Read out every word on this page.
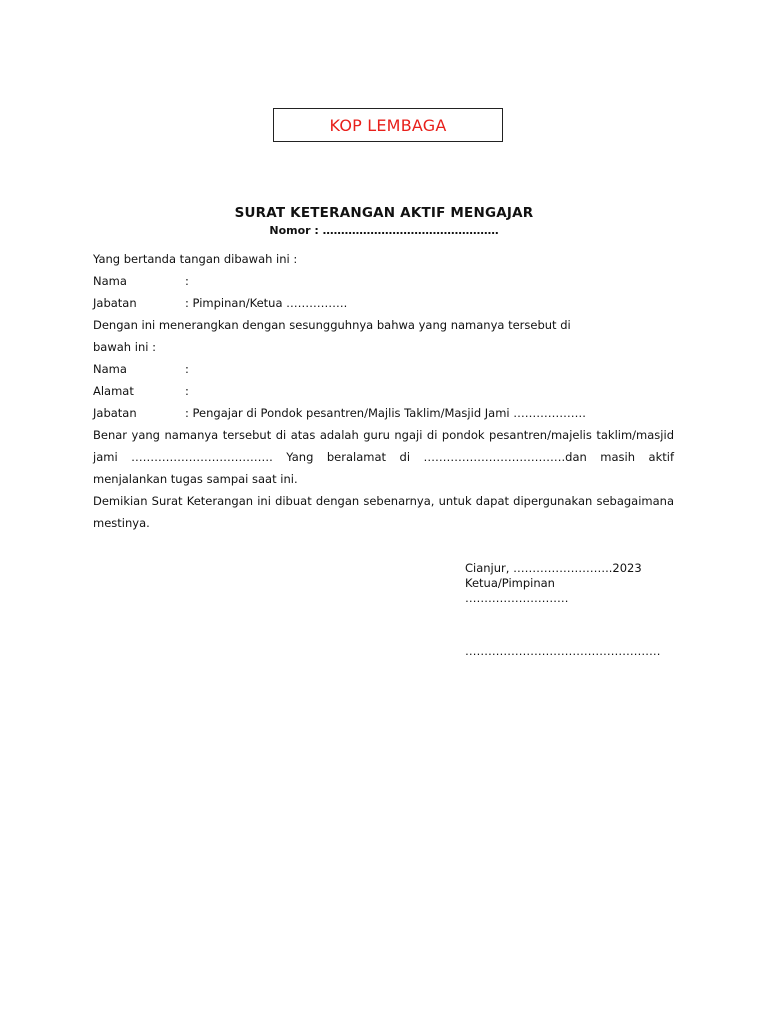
KOP LEMBAGA
SURAT KETERANGAN AKTIF MENGAJAR
Nomor : …………………………………………
Yang bertanda tangan dibawah ini :
Nama	:
Jabatan	: Pimpinan/Ketua …………….
Dengan ini menerangkan dengan sesungguhnya bahwa yang namanya tersebut di bawah ini :
Nama	:
Alamat	:
Jabatan	: Pengajar di Pondok pesantren/Majlis Taklim/Masjid Jami ……………….
Benar yang namanya tersebut di atas adalah guru ngaji di pondok pesantren/majelis taklim/masjid jami ………………………………. Yang beralamat di ……………………………….dan masih aktif menjalankan tugas sampai saat ini.
Demikian Surat Keterangan ini dibuat dengan sebenarnya, untuk dapat dipergunakan sebagaimana mestinya.
Cianjur, ……………………..2023
Ketua/Pimpinan
………………………
……………………………………………
